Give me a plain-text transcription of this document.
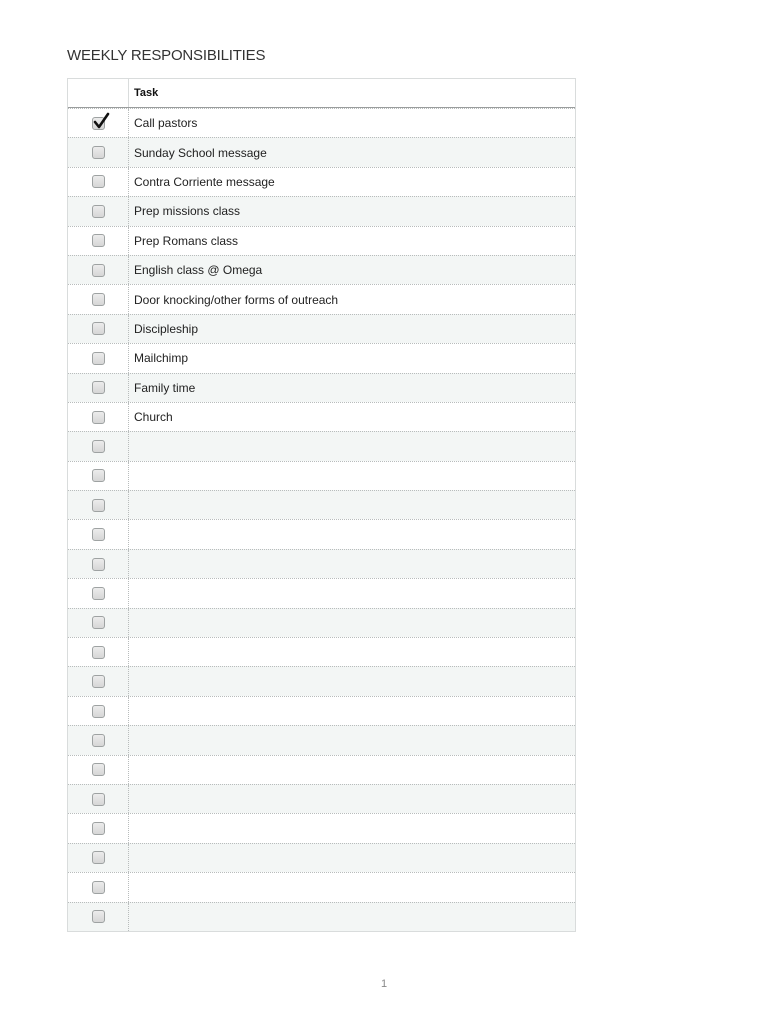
WEEKLY RESPONSIBILITIES
Task
Call pastors
Sunday School message
Contra Corriente message
Prep missions class
Prep Romans class
English class @ Omega
Door knocking/other forms of outreach
Discipleship
Mailchimp
Family time
Church
1
